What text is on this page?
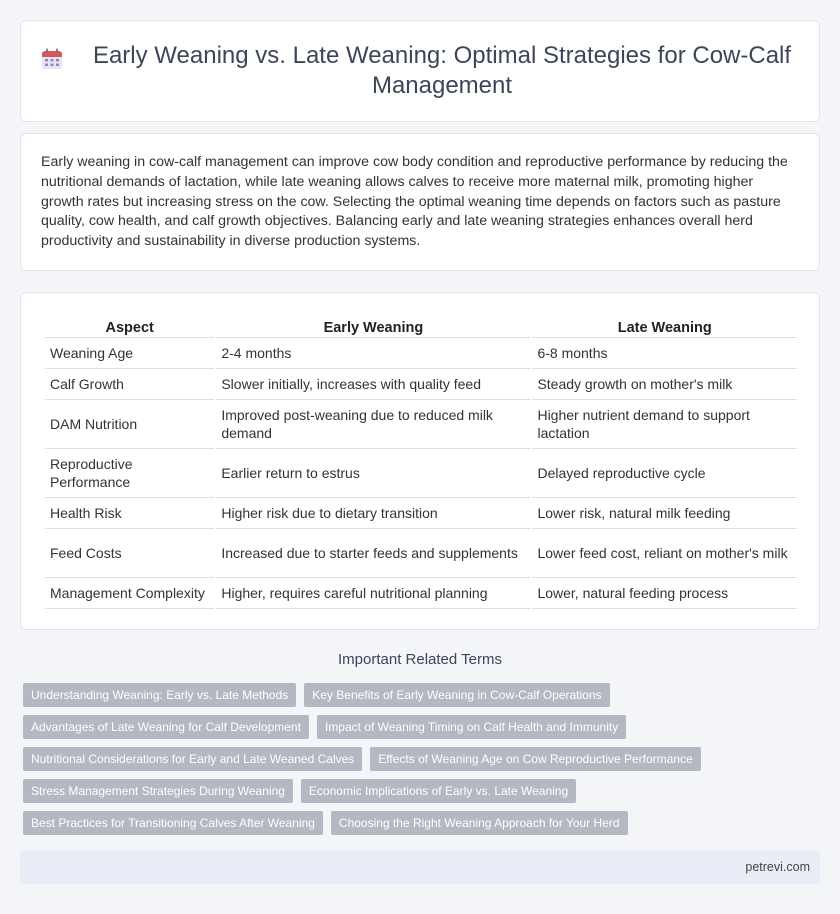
Early Weaning vs. Late Weaning: Optimal Strategies for Cow-Calf Management

Early weaning in cow-calf management can improve cow body condition and reproductive performance by reducing the nutritional demands of lactation, while late weaning allows calves to receive more maternal milk, promoting higher growth rates but increasing stress on the cow. Selecting the optimal weaning time depends on factors such as pasture quality, cow health, and calf growth objectives. Balancing early and late weaning strategies enhances overall herd productivity and sustainability in diverse production systems.

Aspect	Early Weaning	Late Weaning
Weaning Age	2-4 months	6-8 months
Calf Growth	Slower initially, increases with quality feed	Steady growth on mother's milk
DAM Nutrition	Improved post-weaning due to reduced milk demand	Higher nutrient demand to support lactation
Reproductive Performance	Earlier return to estrus	Delayed reproductive cycle
Health Risk	Higher risk due to dietary transition	Lower risk, natural milk feeding
Feed Costs	Increased due to starter feeds and supplements	Lower feed cost, reliant on mother's milk
Management Complexity	Higher, requires careful nutritional planning	Lower, natural feeding process
Important Related Terms
Understanding Weaning: Early vs. Late Methods	Key Benefits of Early Weaning in Cow-Calf Operations
Advantages of Late Weaning for Calf Development	Impact of Weaning Timing on Calf Health and Immunity
Nutritional Considerations for Early and Late Weaned Calves	Effects of Weaning Age on Cow Reproductive Performance
Stress Management Strategies During Weaning	Economic Implications of Early vs. Late Weaning
Best Practices for Transitioning Calves After Weaning	Choosing the Right Weaning Approach for Your Herd
petrevi.com
